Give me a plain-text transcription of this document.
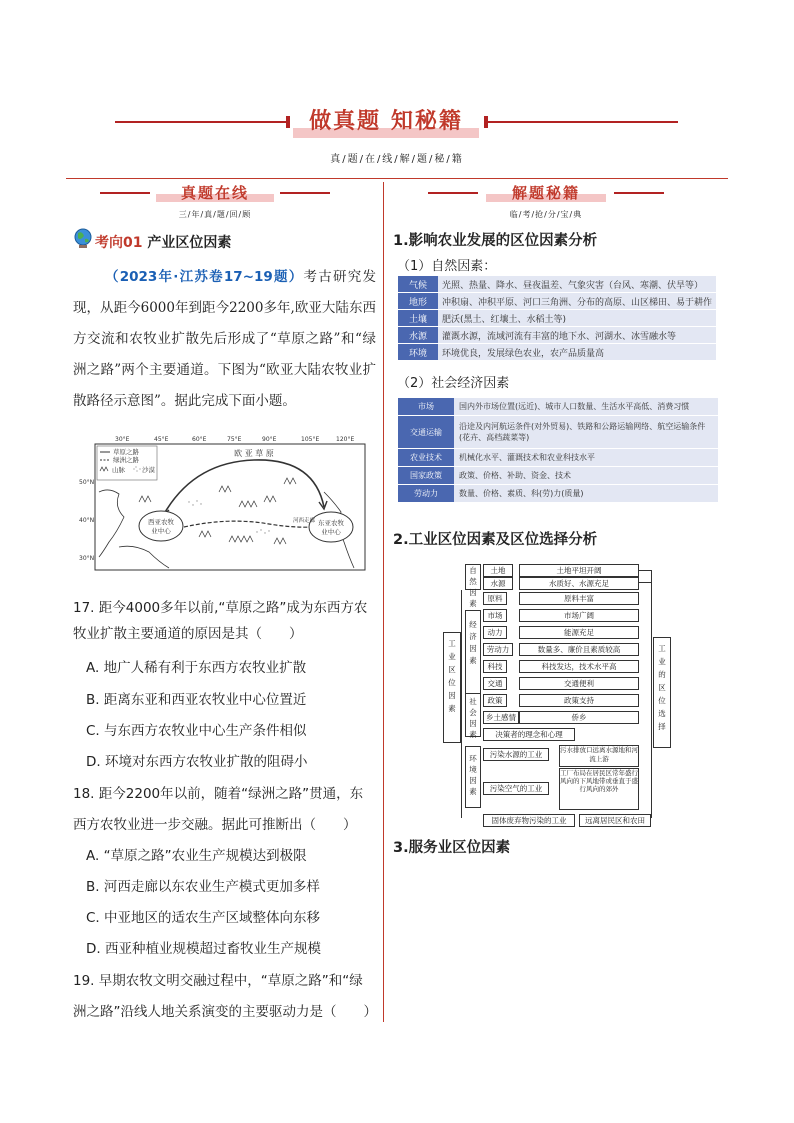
做真题 知秘籍
真/题/在/线/解/题/秘/籍
真题在线
三/年/真/题/回/顾
解题秘籍
临/考/抢/分/宝/典
考向01 产业区位因素
（2023年·江苏卷17~19题）考古研究发现，从距今6000年到距今2200多年,欧亚大陆东西方交流和农牧业扩散先后形成了“草原之路”和“绿洲之路”两个主要通道。下图为“欧亚大陆农牧业扩散路径示意图”。据此完成下面小题。
30°E	45°E	60°E	75°E	90°E	105°E	120°E
50°N
40°N
30°N
草原之路
绿洲之路
山脉	沙漠
欧 亚 草 原
西亚农牧
业中心
东亚农牧
业中心
河西走廊
17. 距今4000多年以前,“草原之路”成为东西方农牧业扩散主要通道的原因是其（　　）
A. 地广人稀有利于东西方农牧业扩散
B. 距离东亚和西亚农牧业中心位置近
C. 与东西方农牧业中心生产条件相似
D. 环境对东西方农牧业扩散的阻碍小
18. 距今2200年以前，随着“绿洲之路”贯通，东西方农牧业进一步交融。据此可推断出（　　）
A. “草原之路”农业生产规模达到极限
B. 河西走廊以东农业生产模式更加多样
C. 中亚地区的适农生产区域整体向东移
D. 西亚种植业规模超过畜牧业生产规模
19. 早期农牧文明交融过程中，“草原之路”和“绿洲之路”沿线人地关系演变的主要驱动力是（　　）
1.影响农业发展的区位因素分析
（1）自然因素：
气候	光照、热量、降水、昼夜温差、气象灾害（台风、寒潮、伏旱等）
地形	冲积扇、冲积平原、河口三角洲、分布的高原、山区梯田、易于耕作
土壤	肥沃(黑土、红壤土、水稻土等)
水源	灌溉水源，流域河流有丰富的地下水、河湖水、冰雪融水等
环境	环境优良，发展绿色农业，农产品质量高
（2）社会经济因素
市场	国内外市场位置(远近)、城市人口数量、生活水平高低、消费习惯
交通运输	沿途及内河航运条件(对外贸易)、铁路和公路运输网络、航空运输条件(花卉、高档蔬菜等)
农业技术	机械化水平、灌溉技术和农业科技水平
国家政策	政策、价格、补助、资金、技术
劳动力	数量、价格、素质、科(劳)力(质量)
2.工业区位因素及区位选择分析
工业区位因素
工业的区位选择
自然因素
土地	土地平坦开阔
水源	水质好、水源充足
经济因素
原料	原料丰富
市场	市场广阔
动力	能源充足
劳动力	数量多、廉价且素质较高
科技	科技发达，技术水平高
交通	交通便利
社会因素
政策	政策支持
乡土感情	侨乡
决策者的理念和心理
环境因素
污染水源的工业	污水排放口远离水源地和河流上游
污染空气的工业
工厂布局在居民区常年盛行风向的下风地带或垂直于盛行风向的郊外
固体废弃物污染的工业	远离居民区和农田
3.服务业区位因素
